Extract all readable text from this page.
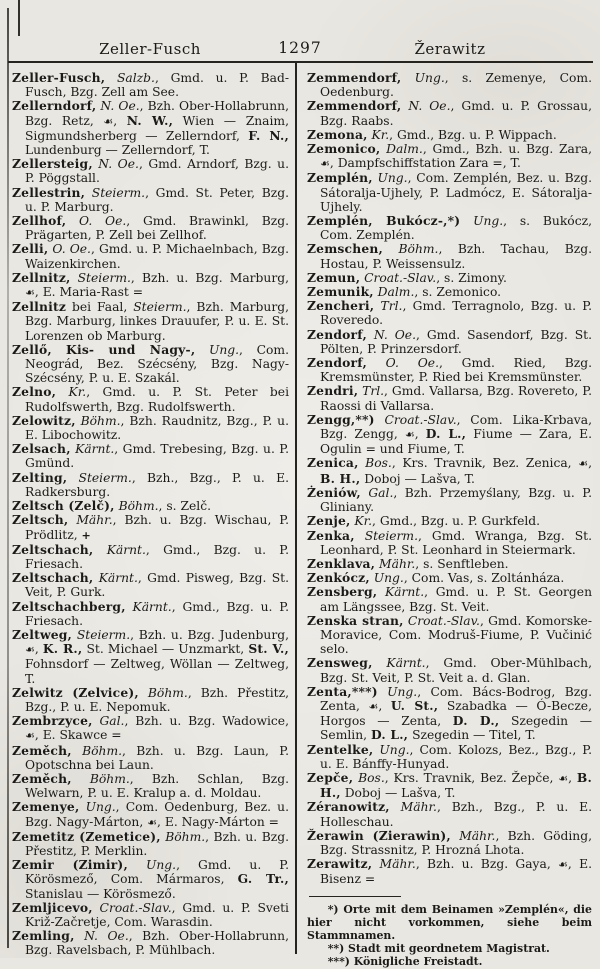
Zeller-Fusch	1297	Žerawitz
Zeller-Fusch, Salzb., Gmd. u. P. Bad-Fusch, Bzg. Zell am See.
Zellerndorf, N. Oe., Bzh. Ober-Hollabrunn, Bzg. Retz, ☙, N. W., Wien — Znaim, Sigmundsherberg — Zellerndorf, F. N., Lundenburg — Zellerndorf, T.
Zellersteig, N. Oe., Gmd. Arndorf, Bzg. u. P. Pöggstall.
Zellestrin, Steierm., Gmd. St. Peter, Bzg. u. P. Marburg.
Zellhof, O. Oe., Gmd. Brawinkl, Bzg. Prägarten, P. Zell bei Zellhof.
Zelli, O. Oe., Gmd. u. P. Michaelnbach, Bzg. Waizenkirchen.
Zellnitz, Steierm., Bzh. u. Bzg. Marburg, ☙, E. Maria-Rast =
Zellnitz bei Faal, Steierm., Bzh. Marburg, Bzg. Marburg, linkes Drauufer, P. u. E. St. Lorenzen ob Marburg.
Zellő, Kis- und Nagy-, Ung., Com. Neográd, Bez. Szécsény, Bzg. Nagy-Szécsény, P. u. E. Szakál.
Zelno, Kr., Gmd. u. P. St. Peter bei Rudolfswerth, Bzg. Rudolfswerth.
Zelowitz, Böhm., Bzh. Raudnitz, Bzg., P. u. E. Libochowitz.
Zelsach, Kärnt., Gmd. Trebesing, Bzg. u. P. Gmünd.
Zelting, Steierm., Bzh., Bzg., P. u. E. Radkersburg.
Zeltsch (Zelč), Böhm., s. Zelč.
Zeltsch, Mähr., Bzh. u. Bzg. Wischau, P. Prödlitz, +
Zeltschach, Kärnt., Gmd., Bzg. u. P. Friesach.
Zeltschach, Kärnt., Gmd. Pisweg, Bzg. St. Veit, P. Gurk.
Zeltschachberg, Kärnt., Gmd., Bzg. u. P. Friesach.
Zeltweg, Steierm., Bzh. u. Bzg. Judenburg, ☙, K. R., St. Michael — Unzmarkt, St. V., Fohnsdorf — Zeltweg, Wöllan — Zeltweg, T.
Zelwitz (Zelvice), Böhm., Bzh. Přestitz, Bzg., P. u. E. Nepomuk.
Zembrzyce, Gal., Bzh. u. Bzg. Wadowice, ☙, E. Skawce =
Zeměch, Böhm., Bzh. u. Bzg. Laun, P. Opotschna bei Laun.
Zeměch, Böhm., Bzh. Schlan, Bzg. Welwarn, P. u. E. Kralup a. d. Moldau.
Zemenye, Ung., Com. Oedenburg, Bez. u. Bzg. Nagy-Márton, ☙, E. Nagy-Márton =
Zemetitz (Zemetice), Böhm., Bzh. u. Bzg. Přestitz, P. Merklin.
Zemir (Zimir), Ung., Gmd. u. P. Körösmező, Com. Mármaros, G. Tr., Stanislau — Körösmező.
Zemljicevo, Croat.-Slav., Gmd. u. P. Sveti Križ-Začretje, Com. Warasdin.
Zemling, N. Oe., Bzh. Ober-Hollabrunn, Bzg. Ravelsbach, P. Mühlbach.
Zemmendorf, Ung., s. Zemenye, Com. Oedenburg.
Zemmendorf, N. Oe., Gmd. u. P. Grossau, Bzg. Raabs.
Zemona, Kr., Gmd., Bzg. u. P. Wippach.
Zemonico, Dalm., Gmd., Bzh. u. Bzg. Zara, ☙, Dampfschiffstation Zara =, T.
Zemplén, Ung., Com. Zemplén, Bez. u. Bzg. Sátoralja-Ujhely, P. Ladmócz, E. Sátoralja-Ujhely.
Zemplén, Bukócz-,*) Ung., s. Bukócz, Com. Zemplén.
Zemschen, Böhm., Bzh. Tachau, Bzg. Hostau, P. Weissensulz.
Zemun, Croat.-Slav., s. Zimony.
Zemunik, Dalm., s. Zemonico.
Zencheri, Trl., Gmd. Terragnolo, Bzg. u. P. Roveredo.
Zendorf, N. Oe., Gmd. Sasendorf, Bzg. St. Pölten, P. Prinzersdorf.
Zendorf, O. Oe., Gmd. Ried, Bzg. Kremsmünster, P. Ried bei Kremsmünster.
Zendri, Trl., Gmd. Vallarsa, Bzg. Rovereto, P. Raossi di Vallarsa.
Zengg,**) Croat.-Slav., Com. Lika-Krbava, Bzg. Zengg, ☙, D. L., Fiume — Zara, E. Ogulin = und Fiume, T.
Zenica, Bos., Krs. Travnik, Bez. Zenica, ☙, B. H., Doboj — Lašva, T.
Żeniów, Gal., Bzh. Przemyślany, Bzg. u. P. Gliniany.
Zenje, Kr., Gmd., Bzg. u. P. Gurkfeld.
Zenka, Steierm., Gmd. Wranga, Bzg. St. Leonhard, P. St. Leonhard in Steiermark.
Zenklava, Mähr., s. Senftleben.
Zenkócz, Ung., Com. Vas, s. Zoltánháza.
Zensberg, Kärnt., Gmd. u. P. St. Georgen am Längssee, Bzg. St. Veit.
Zenska stran, Croat.-Slav., Gmd. Komorske-Moravice, Com. Modruš-Fiume, P. Vučinić selo.
Zensweg, Kärnt., Gmd. Ober-Mühlbach, Bzg. St. Veit, P. St. Veit a. d. Glan.
Zenta,***) Ung., Com. Bács-Bodrog, Bzg. Zenta, ☙, U. St., Szabadka — Ó-Becze, Horgos — Zenta, D. D., Szegedin — Semlin, D. L., Szegedin — Titel, T.
Zentelke, Ung., Com. Kolozs, Bez., Bzg., P. u. E. Bánffy-Hunyad.
Zepče, Bos., Krs. Travnik, Bez. Žepče, ☙, B. H., Doboj — Lašva, T.
Zéranowitz, Mähr., Bzh., Bzg., P. u. E. Holleschau.
Žerawin (Zierawin), Mähr., Bzh. Göding, Bzg. Strassnitz, P. Hrozná Lhota.
Zerawitz, Mähr., Bzh. u. Bzg. Gaya, ☙, E. Bisenz =
*) Orte mit dem Beinamen »Zemplén«, die hier nicht vorkommen, siehe beim Stammnamen.
**) Stadt mit geordnetem Magistrat.
***) Königliche Freistadt.
